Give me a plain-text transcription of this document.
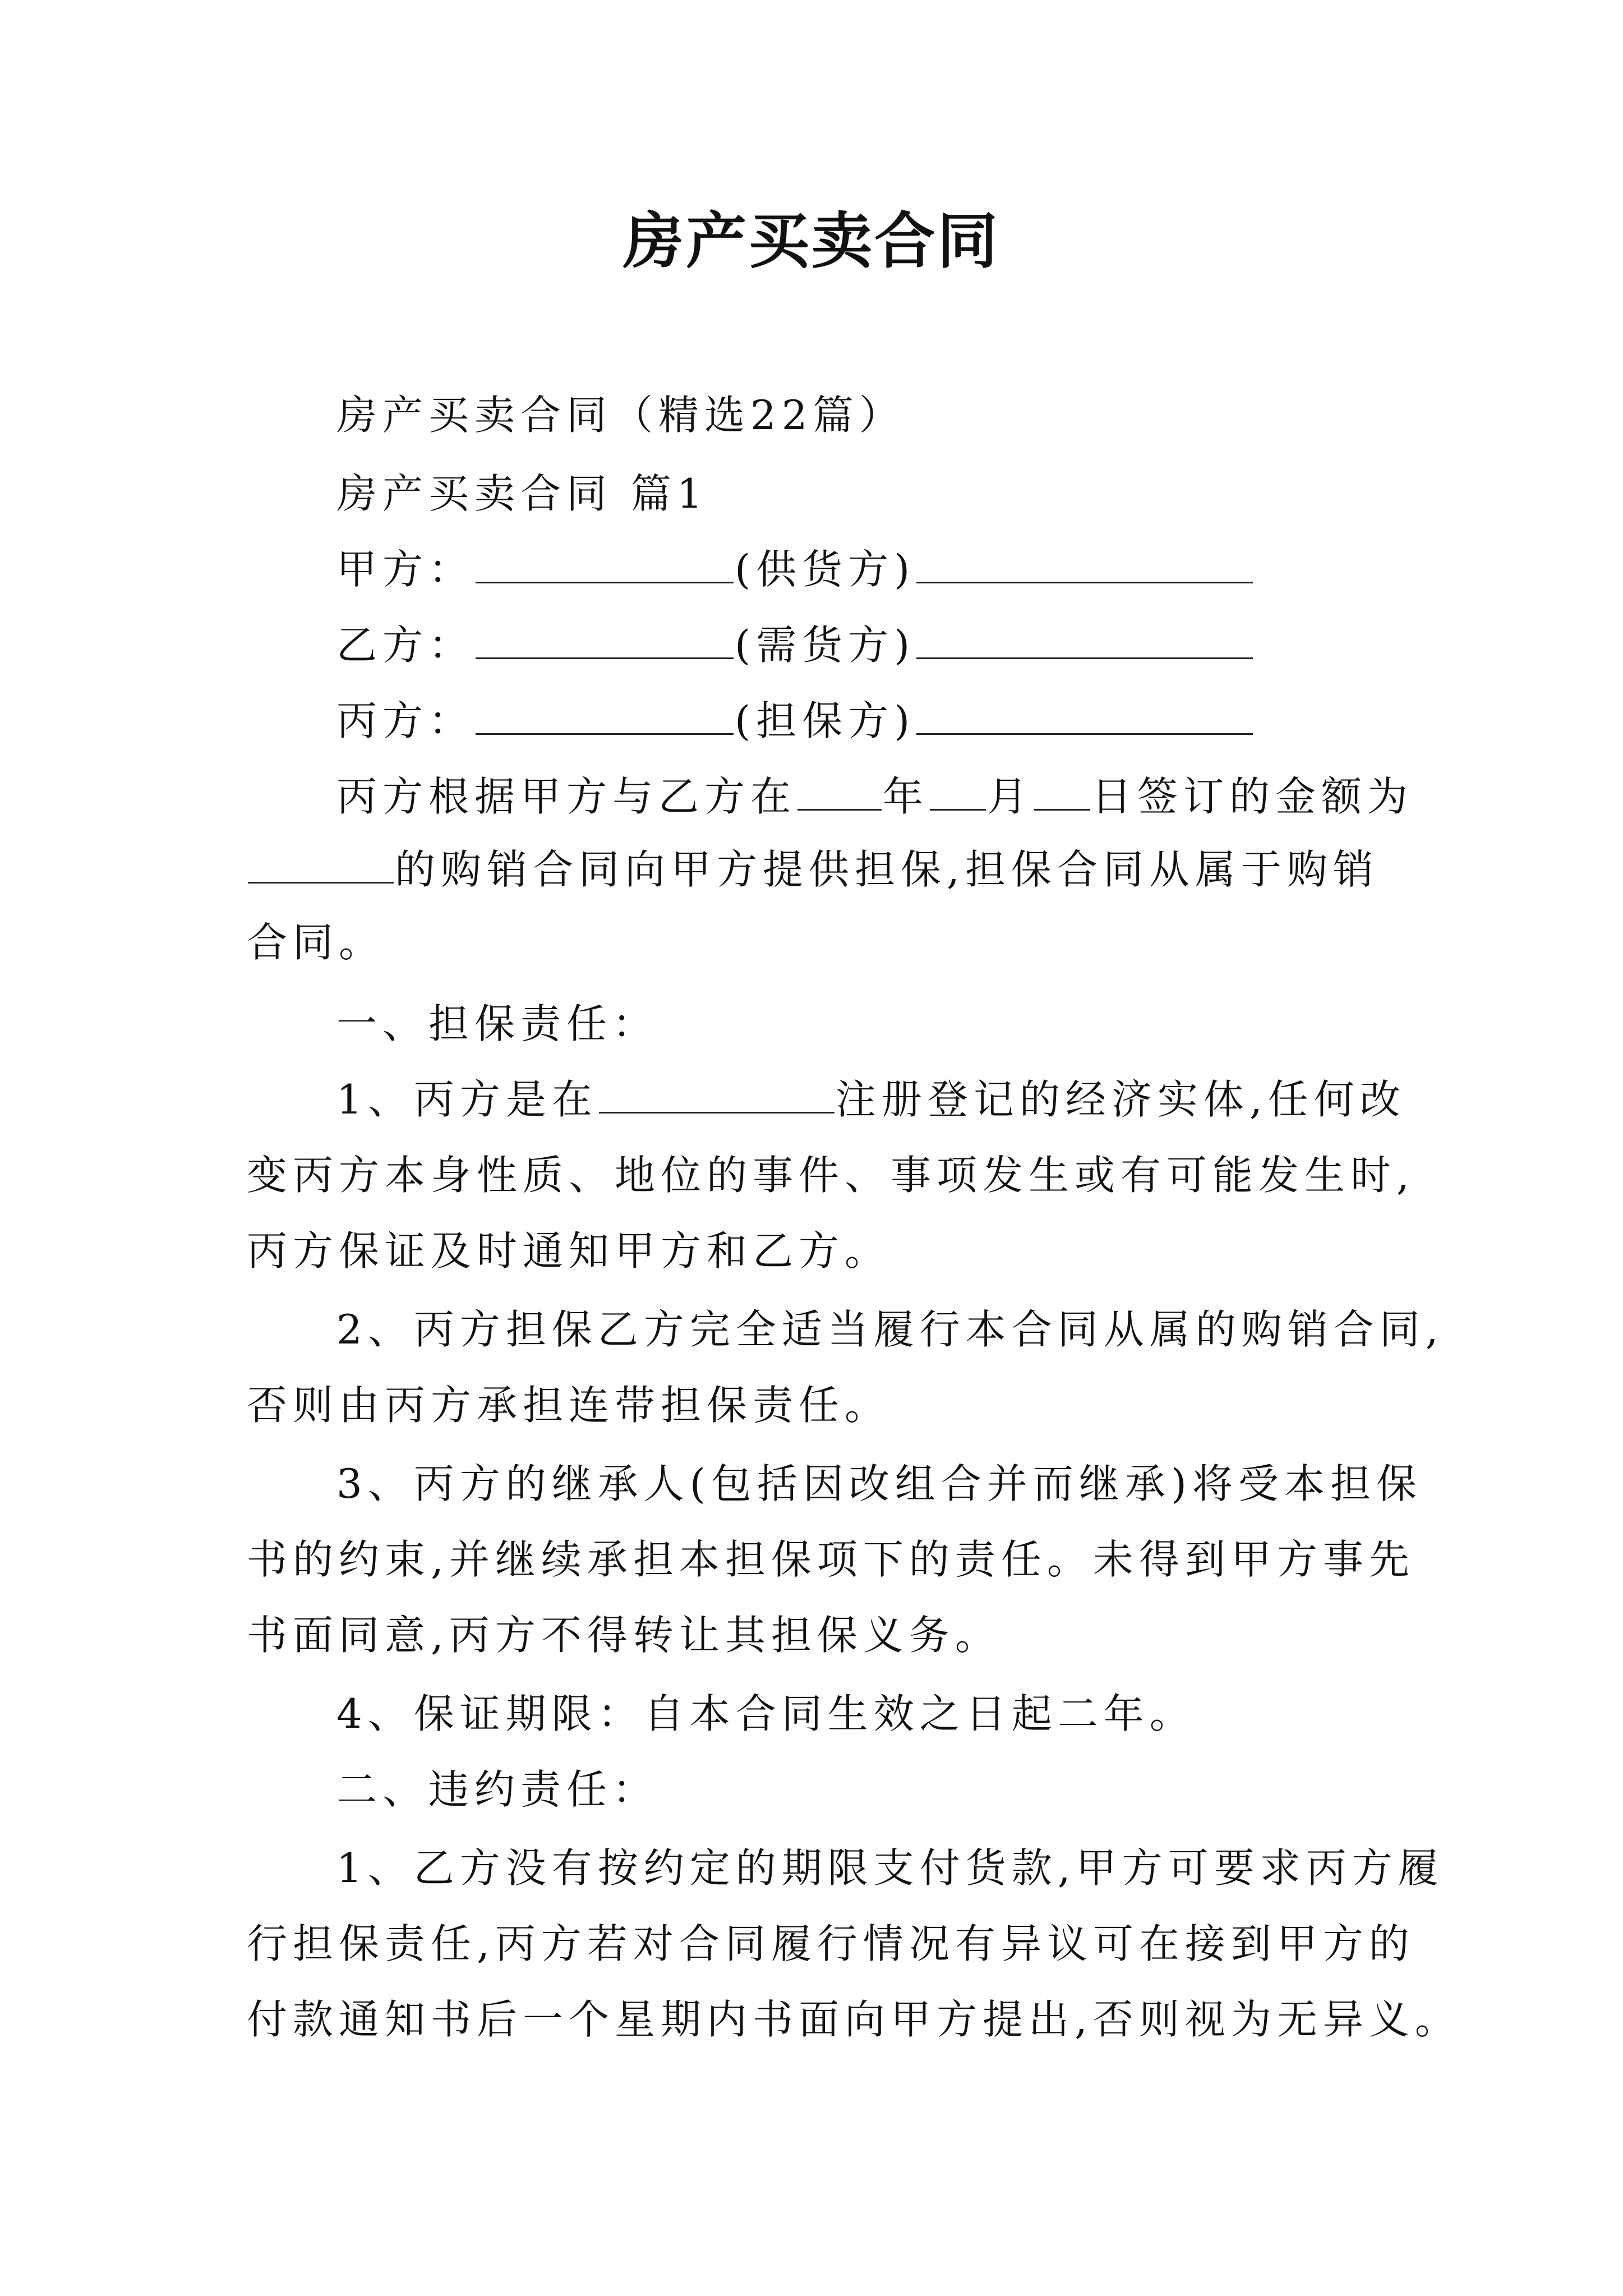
房产买卖合同
房产买卖合同（精选22篇）
房产买卖合同 篇1
甲方：	(供货方)
乙方：	(需货方)
丙方：	(担保方)
丙方根据甲方与乙方在 年 月 日签订的金额为
的购销合同向甲方提供担保,担保合同从属于购销
合同。
一、担保责任：
1、丙方是在	注册登记的经济实体,任何改
变丙方本身性质、地位的事件、事项发生或有可能发生时,
丙方保证及时通知甲方和乙方。
2、丙方担保乙方完全适当履行本合同从属的购销合同,
否则由丙方承担连带担保责任。
3、丙方的继承人(包括因改组合并而继承)将受本担保
书的约束,并继续承担本担保项下的责任。未得到甲方事先
书面同意,丙方不得转让其担保义务。
4、保证期限：自本合同生效之日起二年。
二、违约责任：
1、乙方没有按约定的期限支付货款,甲方可要求丙方履
行担保责任,丙方若对合同履行情况有异议可在接到甲方的
付款通知书后一个星期内书面向甲方提出,否则视为无异义。
